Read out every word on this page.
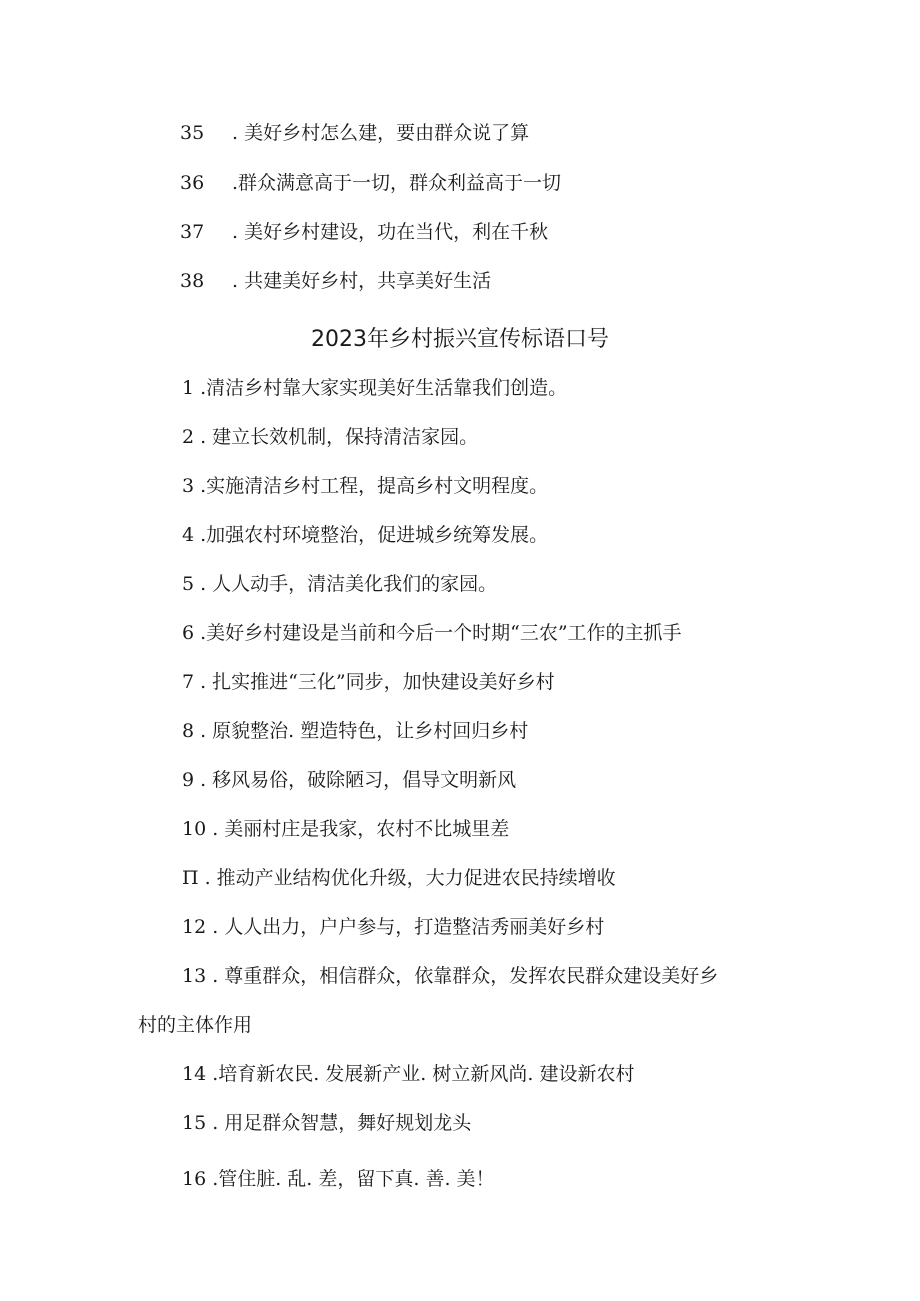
35 . 美好乡村怎么建，要由群众说了算
36 .群众满意高于一切，群众利益高于一切
37 . 美好乡村建设，功在当代，利在千秋
38 . 共建美好乡村，共享美好生活
2023年乡村振兴宣传标语口号
1 .清洁乡村靠大家实现美好生活靠我们创造。
2 . 建立长效机制，保持清洁家园。
3 .实施清洁乡村工程，提高乡村文明程度。
4 .加强农村环境整治，促进城乡统筹发展。
5 . 人人动手，清洁美化我们的家园。
6 .美好乡村建设是当前和今后一个时期“三农”工作的主抓手
7 . 扎实推进“三化”同步，加快建设美好乡村
8 . 原貌整治. 塑造特色，让乡村回归乡村
9 . 移风易俗，破除陋习，倡导文明新风
10 . 美丽村庄是我家，农村不比城里差
П . 推动产业结构优化升级，大力促进农民持续增收
12 . 人人出力，户户参与，打造整洁秀丽美好乡村
13 . 尊重群众，相信群众，依靠群众，发挥农民群众建设美好乡
村的主体作用
14 .培育新农民. 发展新产业. 树立新风尚. 建设新农村
15 . 用足群众智慧，舞好规划龙头
16 .管住脏. 乱. 差，留下真. 善. 美！
